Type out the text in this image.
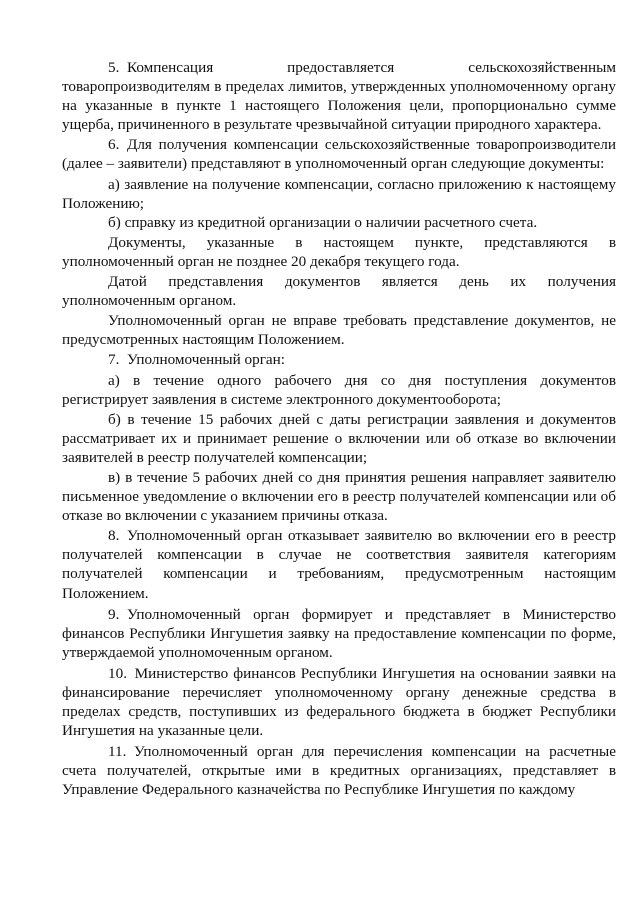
5. Компенсация предоставляется сельскохозяйственным товаропроизводителям в пределах лимитов, утвержденных уполномоченному органу на указанные в пункте 1 настоящего Положения цели, пропорционально сумме ущерба, причиненного в результате чрезвычайной ситуации природного характера.

6. Для получения компенсации сельскохозяйственные товаропроизводители (далее – заявители) представляют в уполномоченный орган следующие документы:

а) заявление на получение компенсации, согласно приложению к настоящему Положению;

б) справку из кредитной организации о наличии расчетного счета.

Документы, указанные в настоящем пункте, представляются в уполномоченный орган не позднее 20 декабря текущего года.

Датой представления документов является день их получения уполномоченным органом.

Уполномоченный орган не вправе требовать представление документов, не предусмотренных настоящим Положением.

7. Уполномоченный орган:

а) в течение одного рабочего дня со дня поступления документов регистрирует заявления в системе электронного документооборота;

б) в течение 15 рабочих дней с даты регистрации заявления и документов рассматривает их и принимает решение о включении или об отказе во включении заявителей в реестр получателей компенсации;

в) в течение 5 рабочих дней со дня принятия решения направляет заявителю письменное уведомление о включении его в реестр получателей компенсации или об отказе во включении с указанием причины отказа.

8. Уполномоченный орган отказывает заявителю во включении его в реестр получателей компенсации в случае не соответствия заявителя категориям получателей компенсации и требованиям, предусмотренным настоящим Положением.

9. Уполномоченный орган формирует и представляет в Министерство финансов Республики Ингушетия заявку на предоставление компенсации по форме, утверждаемой уполномоченным органом.

10. Министерство финансов Республики Ингушетия на основании заявки на финансирование перечисляет уполномоченному органу денежные средства в пределах средств, поступивших из федерального бюджета в бюджет Республики Ингушетия на указанные цели.

11. Уполномоченный орган для перечисления компенсации на расчетные счета получателей, открытые ими в кредитных организациях, представляет в Управление Федерального казначейства по Республике Ингушетия по каждому
